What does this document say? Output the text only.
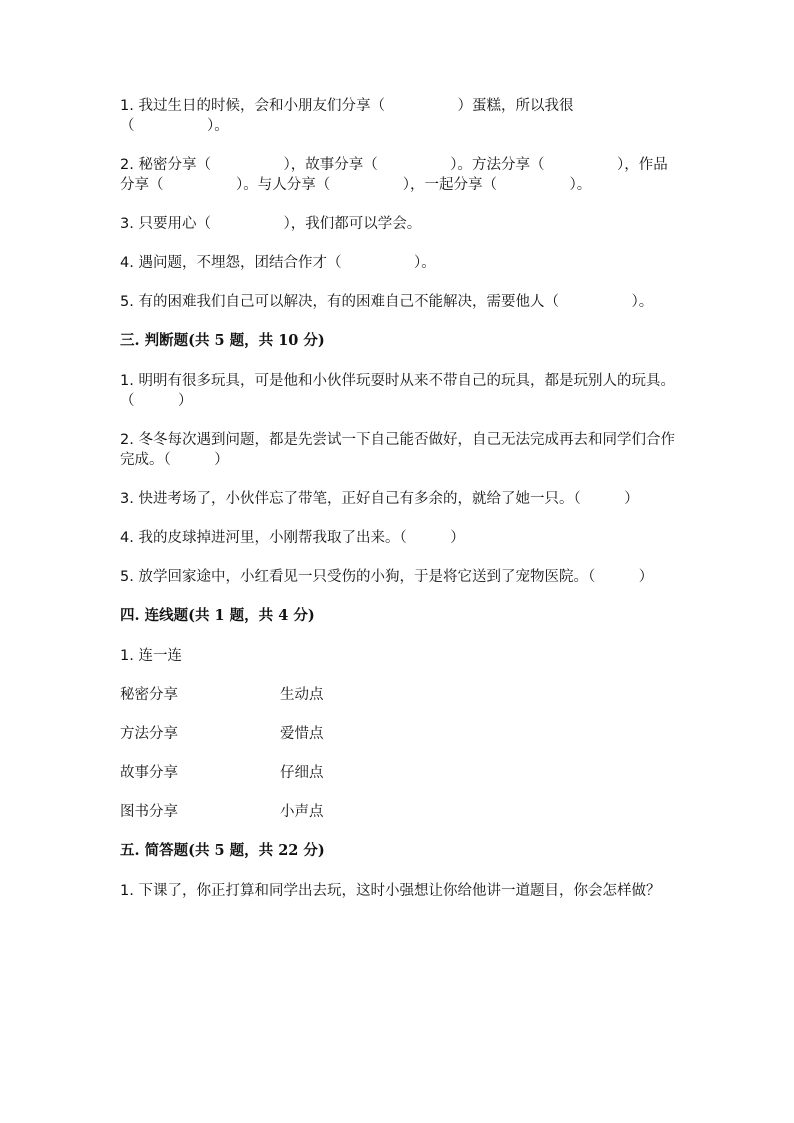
1. 我过生日的时候，会和小朋友们分享（　　　　　）蛋糕，所以我很（　　　　　）。
2. 秘密分享（　　　　　），故事分享（　　　　　）。方法分享（　　　　　），作品分享（　　　　　）。与人分享（　　　　　），一起分享（　　　　　）。
3. 只要用心（　　　　　），我们都可以学会。
4. 遇问题，不埋怨，团结合作才（　　　　　）。
5. 有的困难我们自己可以解决，有的困难自己不能解决，需要他人（　　　　　）。
三. 判断题(共 5 题，共 10 分)
1. 明明有很多玩具，可是他和小伙伴玩耍时从来不带自己的玩具，都是玩别人的玩具。（　　　）
2. 冬冬每次遇到问题，都是先尝试一下自己能否做好，自己无法完成再去和同学们合作完成。（　　　）
3. 快进考场了，小伙伴忘了带笔，正好自己有多余的，就给了她一只。（　　　）
4. 我的皮球掉进河里，小刚帮我取了出来。（　　　）
5. 放学回家途中，小红看见一只受伤的小狗，于是将它送到了宠物医院。（　　　）
四. 连线题(共 1 题，共 4 分)
1. 连一连
秘密分享	生动点
方法分享	爱惜点
故事分享	仔细点
图书分享	小声点
五. 简答题(共 5 题，共 22 分)
1. 下课了，你正打算和同学出去玩，这时小强想让你给他讲一道题目，你会怎样做？
